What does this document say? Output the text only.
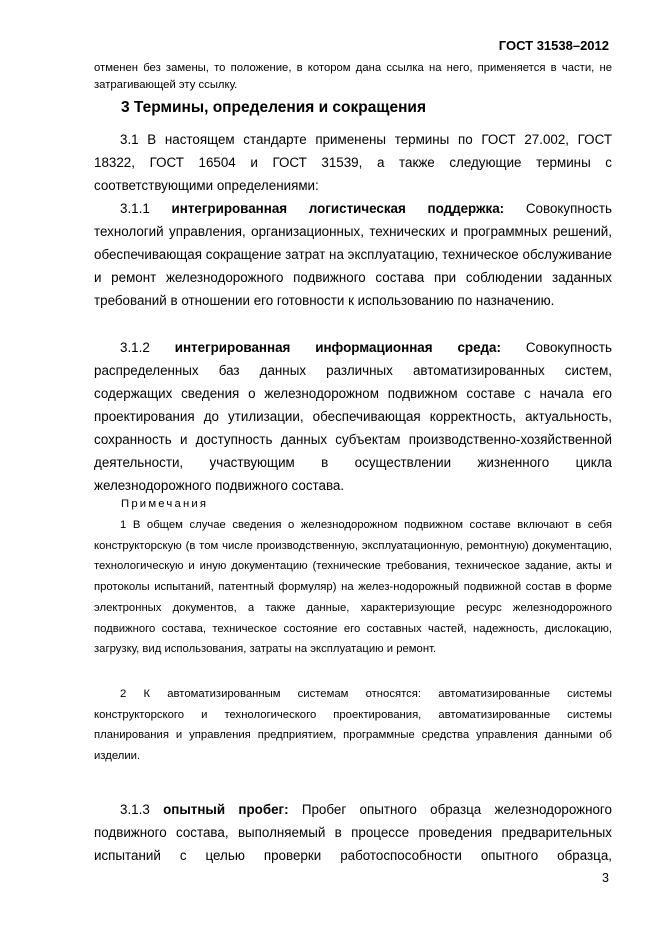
ГОСТ 31538–2012
отменен без замены, то положение, в котором дана ссылка на него, применяется в части, не затрагивающей эту ссылку.
3 Термины, определения и сокращения

3.1 В настоящем стандарте применены термины по ГОСТ 27.002, ГОСТ 18322, ГОСТ 16504 и ГОСТ 31539, а также следующие термины с соответствующими определениями:

3.1.1 интегрированная логистическая поддержка: Совокупность технологий управления, организационных, технических и программных решений, обеспечивающая сокращение затрат на эксплуатацию, техническое обслуживание и ремонт железнодорожного подвижного состава при соблюдении заданных требований в отношении его готовности к использованию по назначению.

3.1.2 интегрированная информационная среда: Совокупность распределенных баз данных различных автоматизированных систем, содержащих сведения о железнодорожном подвижном составе с начала его проектирования до утилизации, обеспечивающая корректность, актуальность, сохранность и доступность данных субъектам производственно-хозяйственной деятельности, участвующим в осуществлении жизненного цикла железнодорожного подвижного состава.

Примечания

1 В общем случае сведения о железнодорожном подвижном составе включают в себя конструкторскую (в том числе производственную, эксплуатационную, ремонтную) документацию, технологическую и иную документацию (технические требования, техническое задание, акты и протоколы испытаний, патентный формуляр) на желез-нодорожный подвижной состав в форме электронных документов, а также данные, характеризующие ресурс железнодорожного подвижного состава, техническое состояние его составных частей, надежность, дислокацию, загрузку, вид использования, затраты на эксплуатацию и ремонт.

2 К автоматизированным системам относятся: автоматизированные системы конструкторского и технологического проектирования, автоматизированные системы планирования и управления предприятием, программные средства управления данными об изделии.

3.1.3 опытный пробег: Пробег опытного образца железнодорожного подвижного состава, выполняемый в процессе проведения предварительных испытаний с целью проверки работоспособности опытного образца,

3
